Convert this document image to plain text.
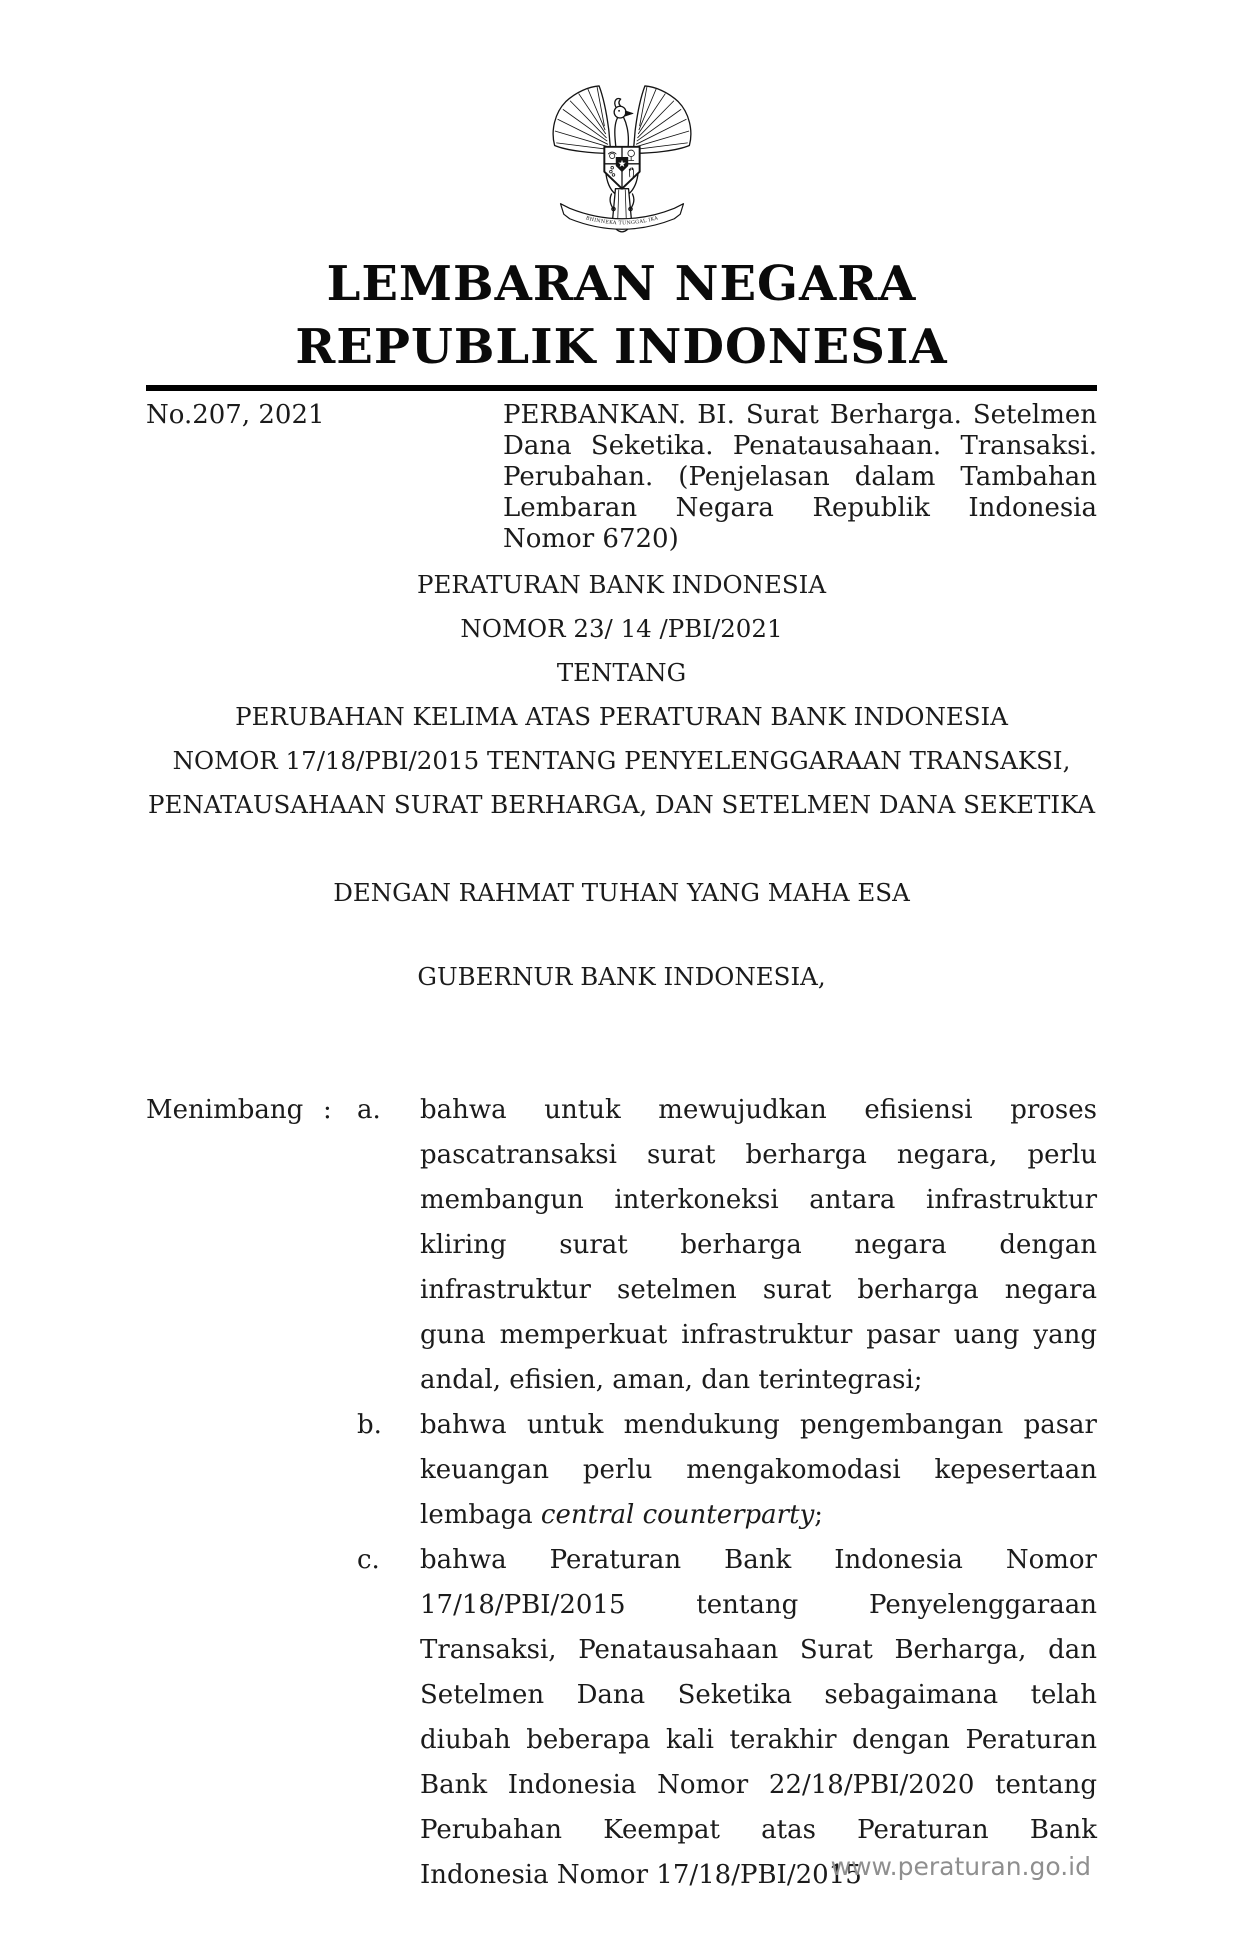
BHINNEKA TUNGGAL IKA
LEMBARAN NEGARA
REPUBLIK INDONESIA
No.207, 2021	PERBANKAN. BI. Surat Berharga. Setelmen Dana Seketika. Penatausahaan. Transaksi. Perubahan. (Penjelasan dalam Tambahan Lembaran Negara Republik Indonesia Nomor 6720)
PERATURAN BANK INDONESIA
NOMOR 23/ 14 /PBI/2021
TENTANG
PERUBAHAN KELIMA ATAS PERATURAN BANK INDONESIA
NOMOR 17/18/PBI/2015 TENTANG PENYELENGGARAAN TRANSAKSI,
PENATAUSAHAAN SURAT BERHARGA, DAN SETELMEN DANA SEKETIKA
DENGAN RAHMAT TUHAN YANG MAHA ESA
GUBERNUR BANK INDONESIA,
Menimbang : a.	bahwa untuk mewujudkan efisiensi proses pascatransaksi surat berharga negara, perlu membangun interkoneksi antara infrastruktur kliring surat berharga negara dengan infrastruktur setelmen surat berharga negara guna memperkuat infrastruktur pasar uang yang andal, efisien, aman, dan terintegrasi;
b.	bahwa untuk mendukung pengembangan pasar keuangan perlu mengakomodasi kepesertaan lembaga central counterparty;
c.	bahwa Peraturan Bank Indonesia Nomor 17/18/PBI/2015 tentang Penyelenggaraan Transaksi, Penatausahaan Surat Berharga, dan Setelmen Dana Seketika sebagaimana telah diubah beberapa kali terakhir dengan Peraturan Bank Indonesia Nomor 22/18/PBI/2020 tentang Perubahan Keempat atas Peraturan Bank Indonesia Nomor 17/18/PBI/2015
www.peraturan.go.id
